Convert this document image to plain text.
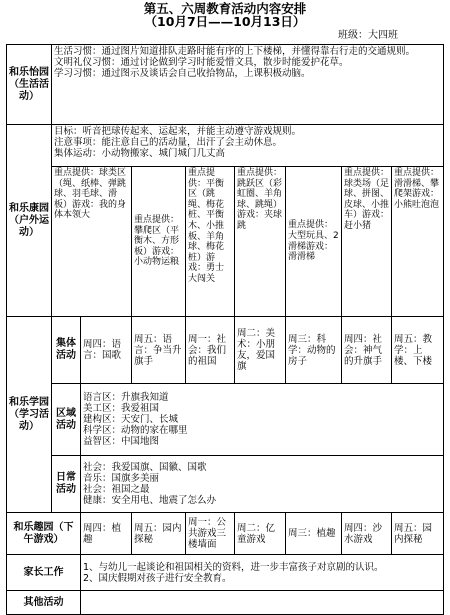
第五、六周教育活动内容安排
（10月7日——10月13日）
班级：大四班
和乐怡园（生活活动）	生活习惯：通过图片知道排队走路时能有序的上下楼梯，并懂得靠右行走的交通规则。
文明礼仪习惯：通过讨论做到学习时能爱惜文具，散步时能爱护花草。
学习习惯：通过图示及谈话会自己收拾物品，上课积极动脑。							

和乐康园（户外运动）	目标：听音把球传起来、运起来，并能主动遵守游戏规则。
注意事项：能注意自己的活动量，出汗了会主动休息。
集体运动：小动物搬家、城门城门几丈高							

	重点提供：球类区（绳、纸棒、弹跳球、羽毛球、滑板）游戏：我的身体本领大		重点提供：攀爬区（平衡木、方形板）游戏：小动物运粮	重点提供：平衡区（跳绳、梅花桩、平衡木、小推板、羊角球、梅花桩）游戏：勇士大闯关	重点提供：跳跃区（彩虹圈、羊角球、跳绳）游戏：夹球跳	重点提供：大型玩具、2滑梯游戏：滑滑梯	重点提供：球类场（足球、拼图、皮球、小推车）游戏：赶小猪	重点提供：滑滑梯、攀爬架游戏：小熊吐泡泡
和乐学园（学习活动）	集体活动	周四：语言：国歌	周五：语言：争当升旗手	周一：社会：我们的祖国	周二：美术：小朋友，爱国旗	周三：科学：动物的房子	周四：社会：神气的升旗手	周五：教学：上楼、下楼
	区域活动	语言区：升旗我知道
美工区：我爱祖国
建构区：天安门、长城
科学区：动物的家在哪里
益智区：中国地图						

	日常活动	社会：我爱国旗、国徽、国歌
音乐：国旗多美丽
社会：祖国之最
健康：安全用电、地震了怎么办						

和乐趣园（下午游戏）		周四：植趣	周五：园内探秘	周一：公共游戏三楼墙面	周二：亿童游戏	周三：植趣	周四：沙水游戏	周五：园内探秘
家长工作		1、与幼儿一起谈论和祖国相关的资料，进一步丰富孩子对京剧的认识。
2、国庆假期对孩子进行安全教育。						

其他活动								
